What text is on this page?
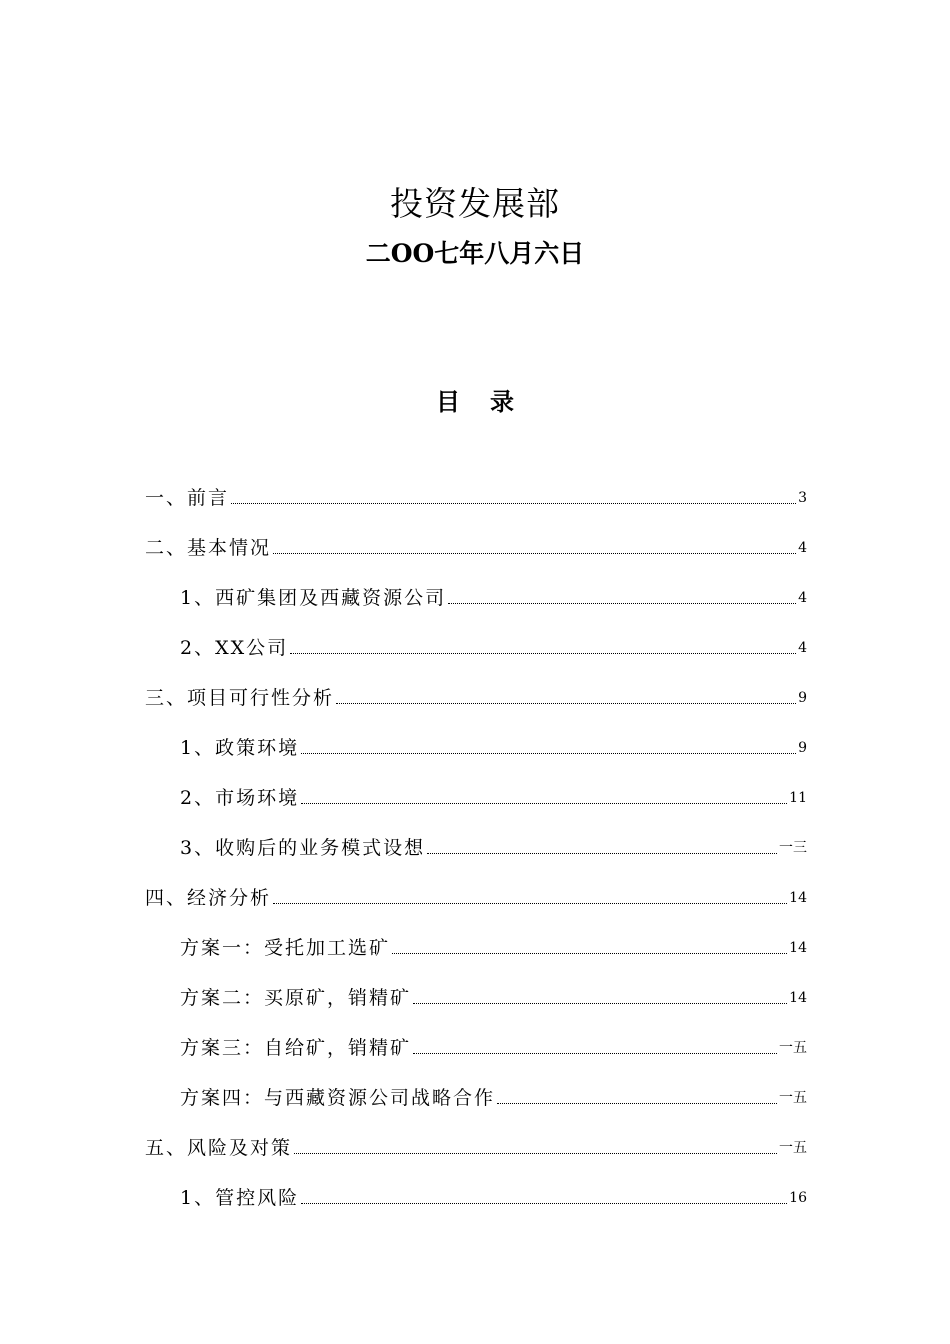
投资发展部
二OO七年八月六日
目 录
一、前言	3
二、基本情况	4
1、西矿集团及西藏资源公司	4
2、XX公司	4
三、项目可行性分析	9
1、政策环境	9
2、市场环境	11
3、收购后的业务模式设想	一三
四、经济分析	14
方案一：受托加工选矿	14
方案二：买原矿，销精矿	14
方案三：自给矿，销精矿	一五
方案四：与西藏资源公司战略合作	一五
五、风险及对策	一五
1、管控风险	16
